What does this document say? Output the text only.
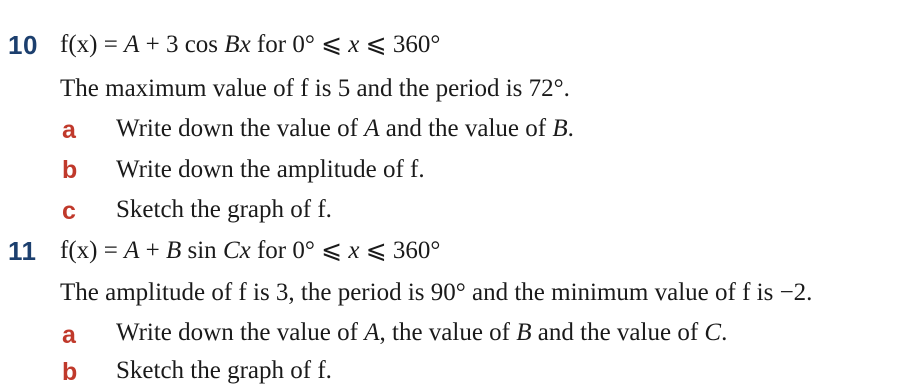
10 f(x) = A + 3 cos Bx for 0° ⩽ x ⩽ 360°
The maximum value of f is 5 and the period is 72°.
a Write down the value of A and the value of B.
b Write down the amplitude of f.
c Sketch the graph of f.
11 f(x) = A + B sin Cx for 0° ⩽ x ⩽ 360°
The amplitude of f is 3, the period is 90° and the minimum value of f is −2.
a Write down the value of A, the value of B and the value of C.
b Sketch the graph of f.
